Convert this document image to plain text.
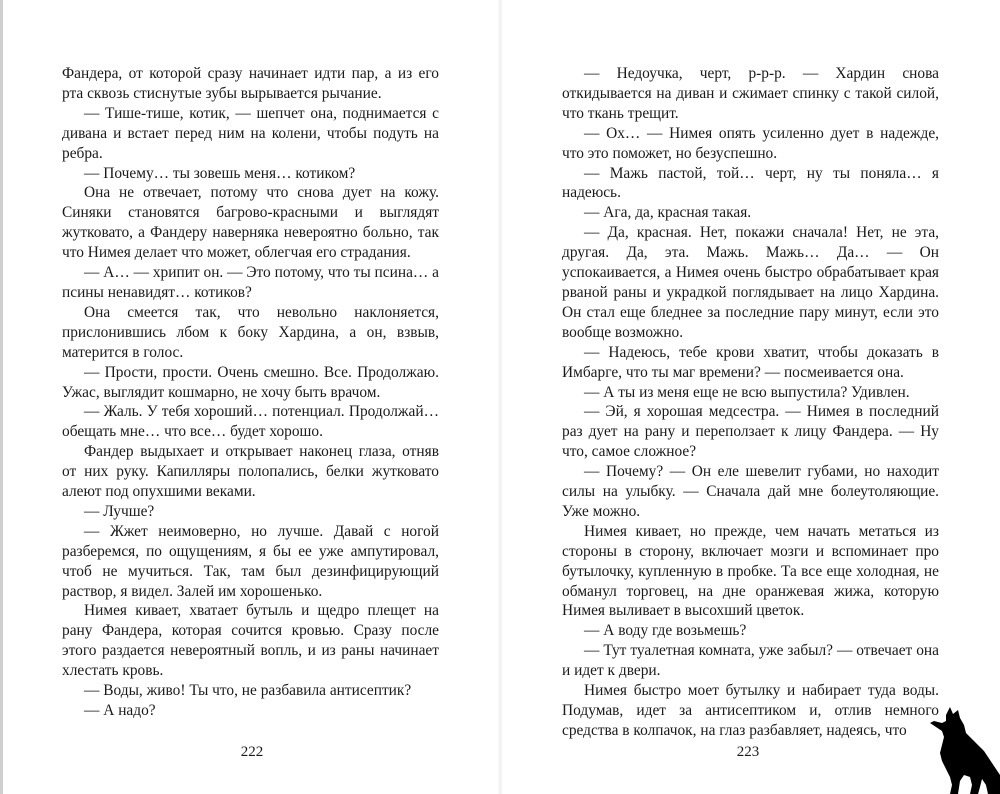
Фандера, от которой сразу начинает идти пар, а из его рта сквозь стиснутые зубы вырывается рычание.

— Тише-тише, котик, — шепчет она, поднимается с дивана и встает перед ним на колени, чтобы подуть на ребра.

— Почему… ты зовешь меня… котиком?

Она не отвечает, потому что снова дует на кожу. Синяки становятся багрово-красными и выглядят жутковато, а Фандеру наверняка невероятно больно, так что Нимея делает что может, облегчая его страдания.

— А… — хрипит он. — Это потому, что ты псина… а псины ненавидят… котиков?

Она смеется так, что невольно наклоняется, прислонившись лбом к боку Хардина, а он, взвыв, матерится в голос.

— Прости, прости. Очень смешно. Все. Продолжаю. Ужас, выглядит кошмарно, не хочу быть врачом.

— Жаль. У тебя хороший… потенциал. Продолжай… обещать мне… что все… будет хорошо.

Фандер выдыхает и открывает наконец глаза, отняв от них руку. Капилляры полопались, белки жутковато алеют под опухшими веками.

— Лучше?

— Жжет неимоверно, но лучше. Давай с ногой разберемся, по ощущениям, я бы ее уже ампутировал, чтоб не мучиться. Так, там был дезинфицирующий раствор, я видел. Залей им хорошенько.

Нимея кивает, хватает бутыль и щедро плещет на рану Фандера, которая сочится кровью. Сразу после этого раздается невероятный вопль, и из раны начинает хлестать кровь.

— Воды, живо! Ты что, не разбавила антисептик?

— А надо?

— Недоучка, черт, р-р-р. — Хардин снова откидывается на диван и сжимает спинку с такой силой, что ткань трещит.

— Ох… — Нимея опять усиленно дует в надежде, что это поможет, но безуспешно.

— Мажь пастой, той… черт, ну ты поняла… я надеюсь.

— Ага, да, красная такая.

— Да, красная. Нет, покажи сначала! Нет, не эта, другая. Да, эта. Мажь. Мажь… Да… — Он успокаивается, а Нимея очень быстро обрабатывает края рваной раны и украдкой поглядывает на лицо Хардина. Он стал еще бледнее за последние пару минут, если это вообще возможно.

— Надеюсь, тебе крови хватит, чтобы доказать в Имбарге, что ты маг времени? — посмеивается она.

— А ты из меня еще не всю выпустила? Удивлен.

— Эй, я хорошая медсестра. — Нимея в последний раз дует на рану и переползает к лицу Фандера. — Ну что, самое сложное?

— Почему? — Он еле шевелит губами, но находит силы на улыбку. — Сначала дай мне болеутоляющие. Уже можно.

Нимея кивает, но прежде, чем начать метаться из стороны в сторону, включает мозги и вспоминает про бутылочку, купленную в пробке. Та все еще холодная, не обманул торговец, на дне оранжевая жижа, которую Нимея выливает в высохший цветок.

— А воду где возьмешь?

— Тут туалетная комната, уже забыл? — отвечает она и идет к двери.

Нимея быстро моет бутылку и набирает туда воды. Подумав, идет за антисептиком и, отлив немного средства в колпачок, на глаз разбавляет, надеясь, что

222	223
